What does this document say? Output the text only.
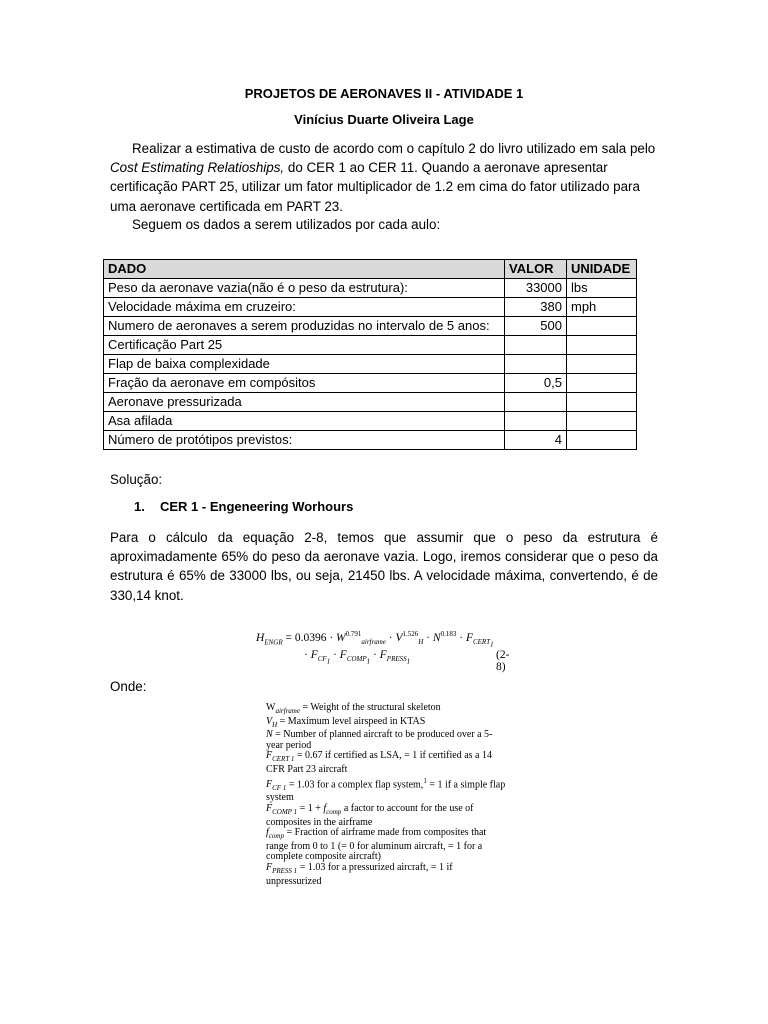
PROJETOS DE AERONAVES II - ATIVIDADE 1
Vinícius Duarte Oliveira Lage
Realizar a estimativa de custo de acordo com o capítulo 2 do livro utilizado em sala pelo Cost Estimating Relatioships, do CER 1 ao CER 11. Quando a aeronave apresentar certificação PART 25, utilizar um fator multiplicador de 1.2 em cima do fator utilizado para uma aeronave certificada em PART 23.
Seguem os dados a serem utilizados por cada aulo:
DADO	VALOR	UNIDADE
Peso da aeronave vazia(não é o peso da estrutura):	33000	lbs
Velocidade máxima em cruzeiro:	380	mph
Numero de aeronaves a serem produzidas no intervalo de 5 anos:	500	
Certificação Part 25		
Flap de baixa complexidade		
Fração da aeronave em compósitos	0,5	
Aeronave pressurizada		
Asa afilada		
Número de protótipos previstos:	4	
Solução:
1. CER 1 - Engeneering Worhours
Para o cálculo da equação 2-8, temos que assumir que o peso da estrutura é aproximadamente 65% do peso da aeronave vazia. Logo, iremos considerar que o peso da estrutura é 65% de 33000 lbs, ou seja, 21450 lbs. A velocidade máxima, convertendo, é de 330,14 knot.
$H_{ENGR} = 0.0396 \cdot W^{0.791}_{airframe} \cdot V^{1.526}_H \cdot N^{0.183} \cdot F_{CERT_1}$
· $F_{CF_1} \cdot F_{COMP_1} \cdot F_{PRESS_1}$
(2-8)
Onde:

$W_{airframe}$ = Weight of the structural skeleton

$V_H$ = Maximum level airspeed in KTAS

N = Number of planned aircraft to be produced over a 5-year period

$F_{CERT 1} = 0.67$ if certified as LSA, = 1 if certified as a 14 CFR Part 23 aircraft

$F_{CF 1} = 1.03$ for a complex flap system,$^1$ = 1 if a simple flap system

$F_{COMP 1} = 1 + f_{comp}$ a factor to account for the use of composites in the airframe

$f_{comp}$ = Fraction of airframe made from composites that range from 0 to 1 (= 0 for aluminum aircraft, = 1 for a complete composite aircraft)

$F_{PRESS 1} = 1.03$ for a pressurized aircraft, = 1 if unpressurized
